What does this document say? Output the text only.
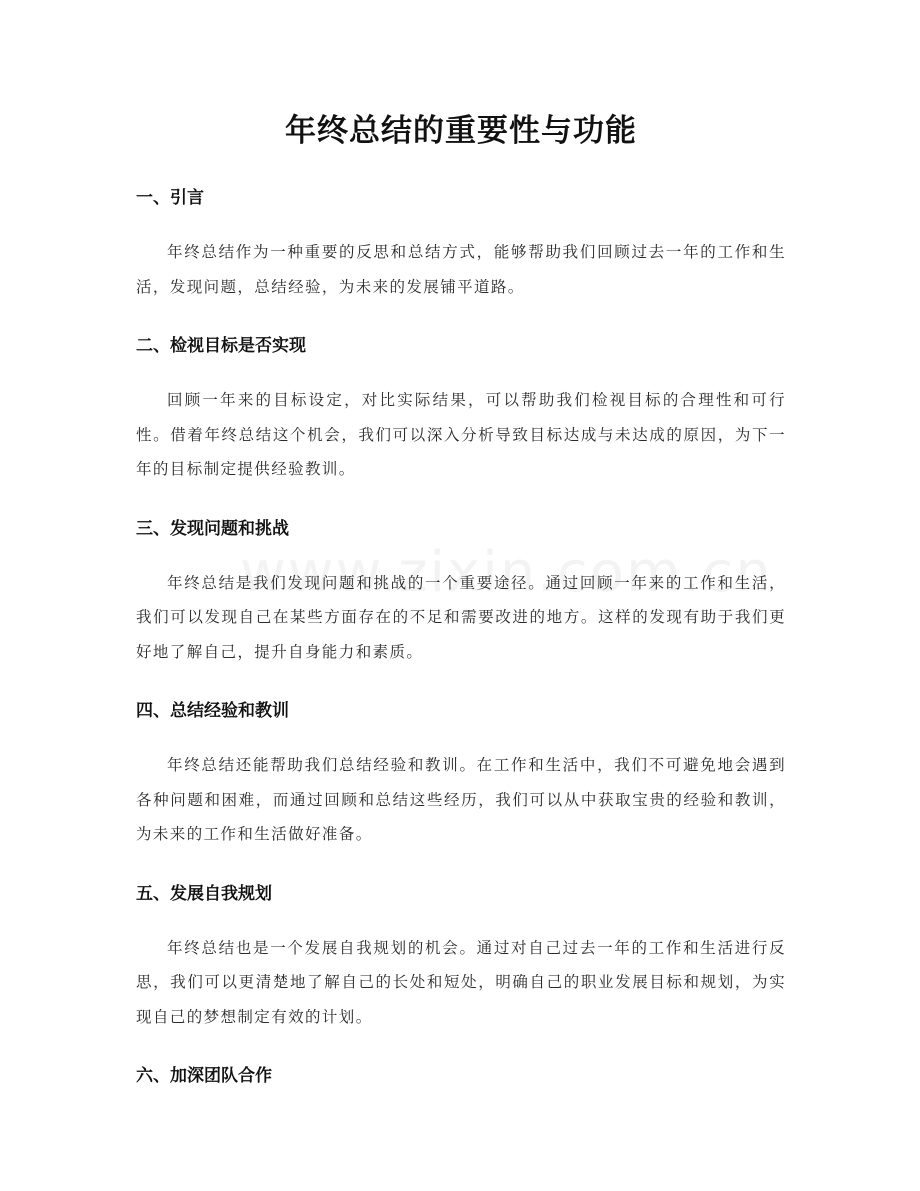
年终总结的重要性与功能
一、引言

年终总结作为一种重要的反思和总结方式，能够帮助我们回顾过去一年的工作和生活，发现问题，总结经验，为未来的发展铺平道路。

二、检视目标是否实现

回顾一年来的目标设定，对比实际结果，可以帮助我们检视目标的合理性和可行性。借着年终总结这个机会，我们可以深入分析导致目标达成与未达成的原因，为下一年的目标制定提供经验教训。

三、发现问题和挑战

年终总结是我们发现问题和挑战的一个重要途径。通过回顾一年来的工作和生活，我们可以发现自己在某些方面存在的不足和需要改进的地方。这样的发现有助于我们更好地了解自己，提升自身能力和素质。

四、总结经验和教训

年终总结还能帮助我们总结经验和教训。在工作和生活中，我们不可避免地会遇到各种问题和困难，而通过回顾和总结这些经历，我们可以从中获取宝贵的经验和教训，为未来的工作和生活做好准备。

五、发展自我规划

年终总结也是一个发展自我规划的机会。通过对自己过去一年的工作和生活进行反思，我们可以更清楚地了解自己的长处和短处，明确自己的职业发展目标和规划，为实现自己的梦想制定有效的计划。

六、加深团队合作
